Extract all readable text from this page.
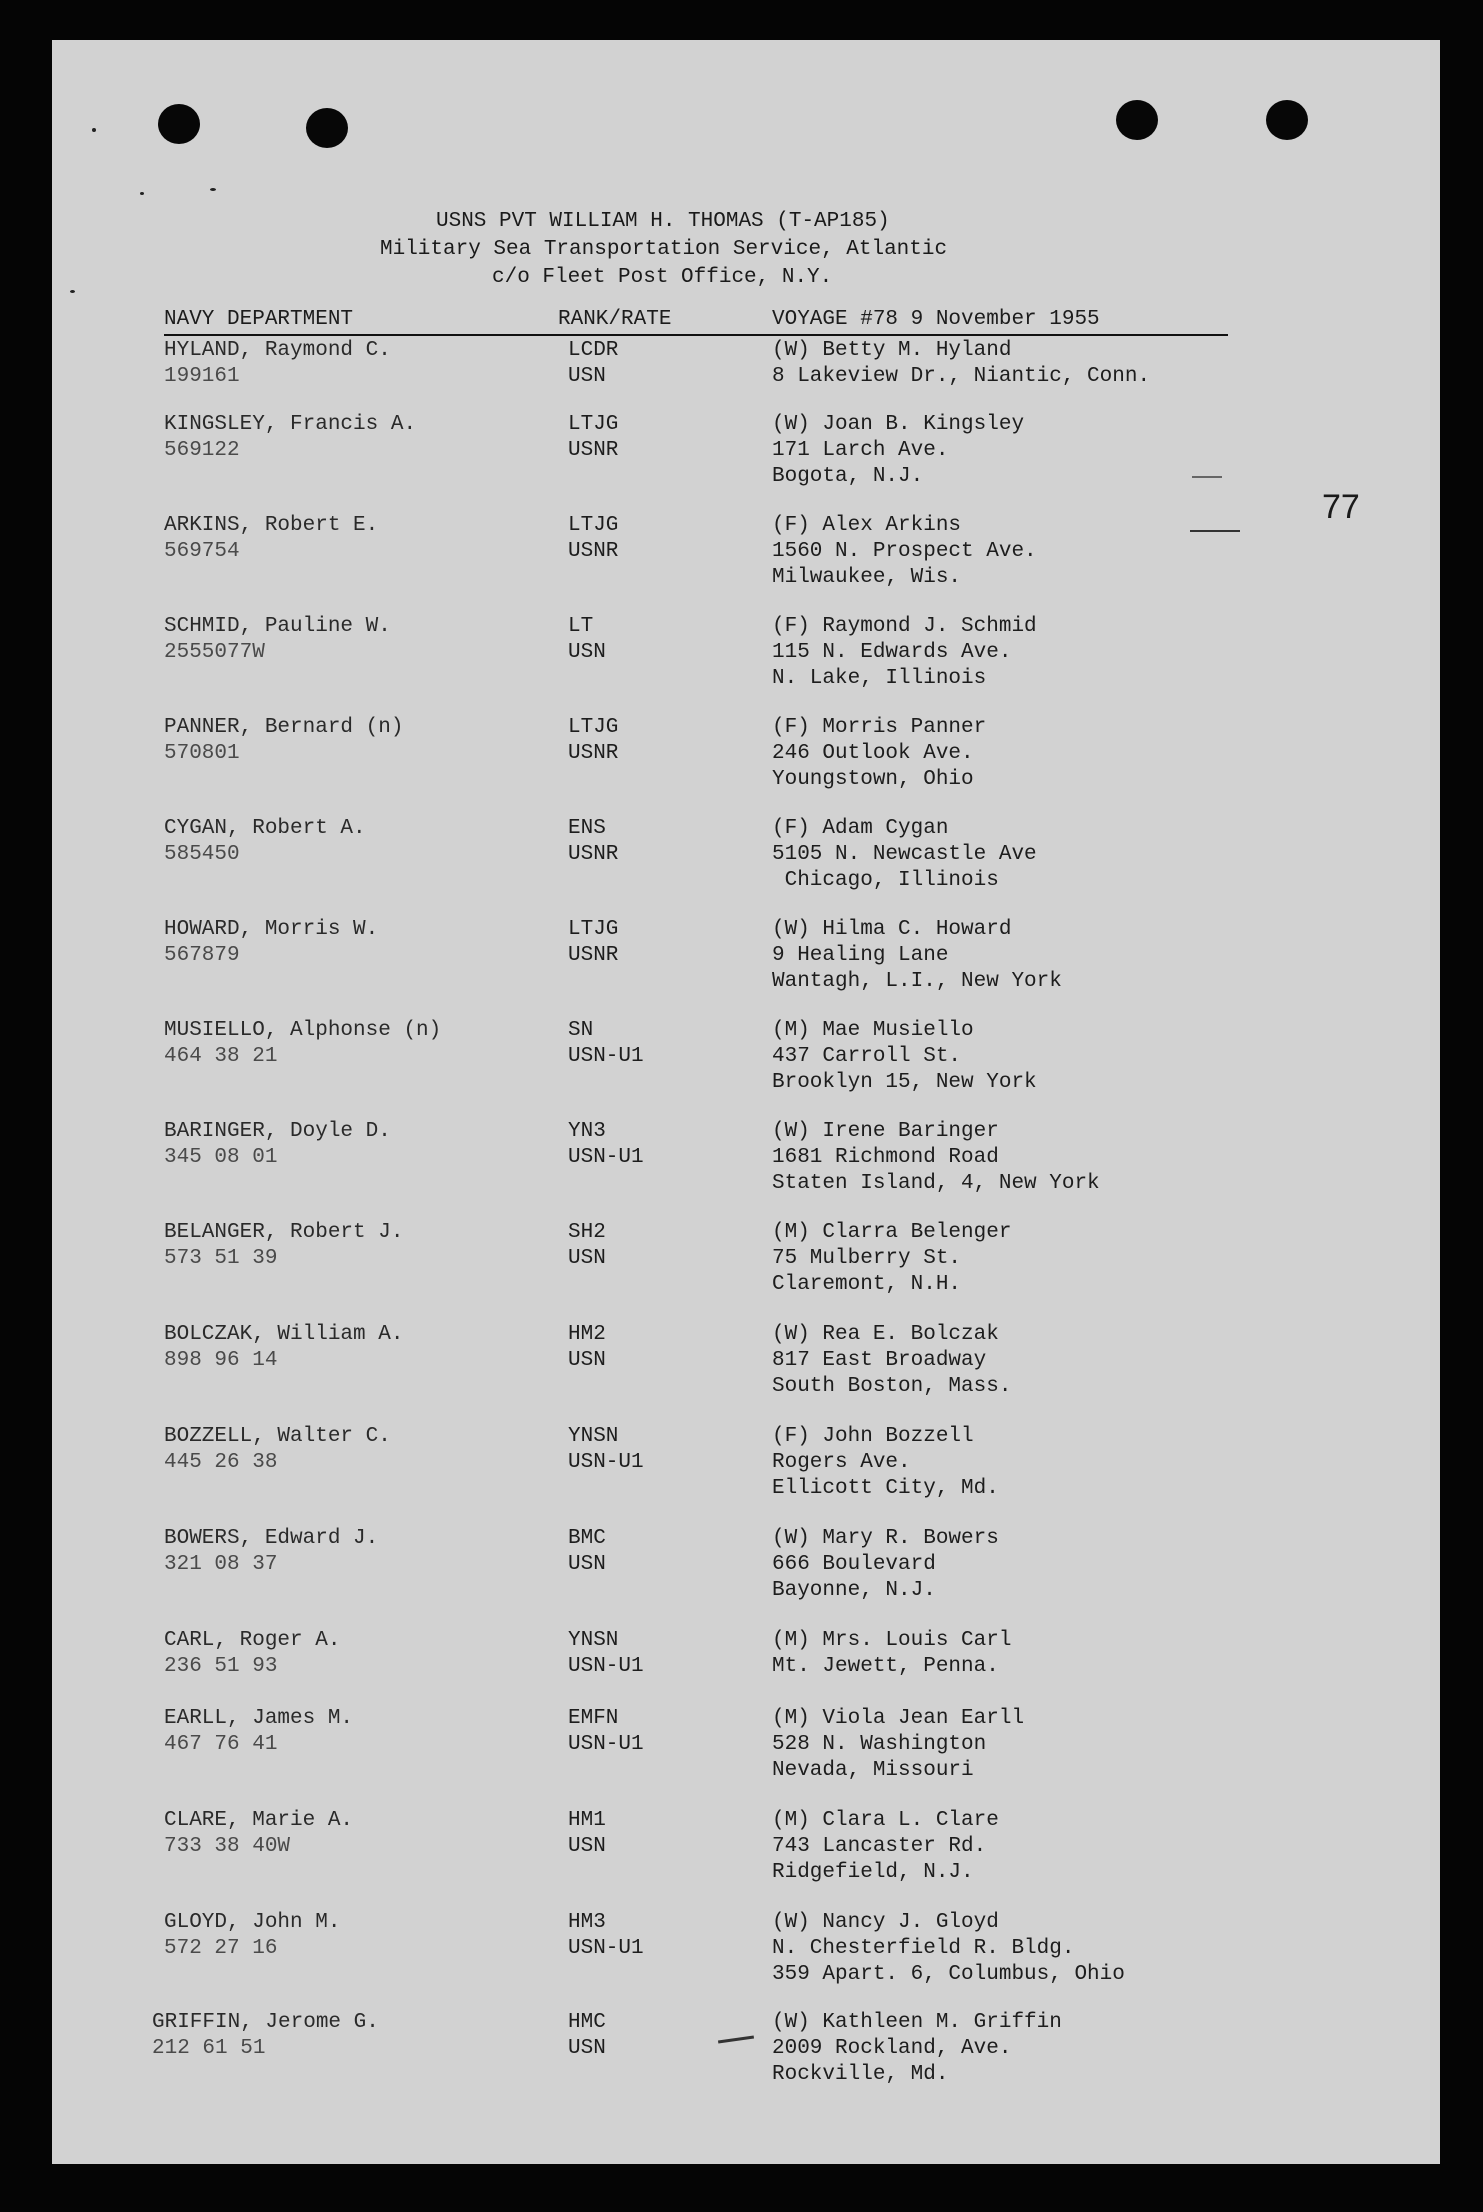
USNS PVT WILLIAM H. THOMAS (T-AP185)
Military Sea Transportation Service, Atlantic
c/o Fleet Post Office, N.Y.
NAVY DEPARTMENT	RANK/RATE	VOYAGE #78 9 November 1955
77
HYLAND, Raymond C.
199161
LCDR
USN
(W) Betty M. Hyland
8 Lakeview Dr., Niantic, Conn.
KINGSLEY, Francis A.
569122
LTJG
USNR
(W) Joan B. Kingsley
171 Larch Ave.
Bogota, N.J.
ARKINS, Robert E.
569754
LTJG
USNR
(F) Alex Arkins
1560 N. Prospect Ave.
Milwaukee, Wis.
SCHMID, Pauline W.
2555077W
LT
USN
(F) Raymond J. Schmid
115 N. Edwards Ave.
N. Lake, Illinois
PANNER, Bernard (n)
570801
LTJG
USNR
(F) Morris Panner
246 Outlook Ave.
Youngstown, Ohio
CYGAN, Robert A.
585450
ENS
USNR
(F) Adam Cygan
5105 N. Newcastle Ave
Chicago, Illinois
HOWARD, Morris W.
567879
LTJG
USNR
(W) Hilma C. Howard
9 Healing Lane
Wantagh, L.I., New York
MUSIELLO, Alphonse (n)
464 38 21
SN
USN-U1
(M) Mae Musiello
437 Carroll St.
Brooklyn 15, New York
BARINGER, Doyle D.
345 08 01
YN3
USN-U1
(W) Irene Baringer
1681 Richmond Road
Staten Island, 4, New York
BELANGER, Robert J.
573 51 39
SH2
USN
(M) Clarra Belenger
75 Mulberry St.
Claremont, N.H.
BOLCZAK, William A.
898 96 14
HM2
USN
(W) Rea E. Bolczak
817 East Broadway
South Boston, Mass.
BOZZELL, Walter C.
445 26 38
YNSN
USN-U1
(F) John Bozzell
Rogers Ave.
Ellicott City, Md.
BOWERS, Edward J.
321 08 37
BMC
USN
(W) Mary R. Bowers
666 Boulevard
Bayonne, N.J.
CARL, Roger A.
236 51 93
YNSN
USN-U1
(M) Mrs. Louis Carl
Mt. Jewett, Penna.
EARLL, James M.
467 76 41
EMFN
USN-U1
(M) Viola Jean Earll
528 N. Washington
Nevada, Missouri
CLARE, Marie A.
733 38 40W
HM1
USN
(M) Clara L. Clare
743 Lancaster Rd.
Ridgefield, N.J.
GLOYD, John M.
572 27 16
HM3
USN-U1
(W) Nancy J. Gloyd
N. Chesterfield R. Bldg.
359 Apart. 6, Columbus, Ohio
GRIFFIN, Jerome G.
212 61 51
HMC
USN
(W) Kathleen M. Griffin
2009 Rockland, Ave.
Rockville, Md.
